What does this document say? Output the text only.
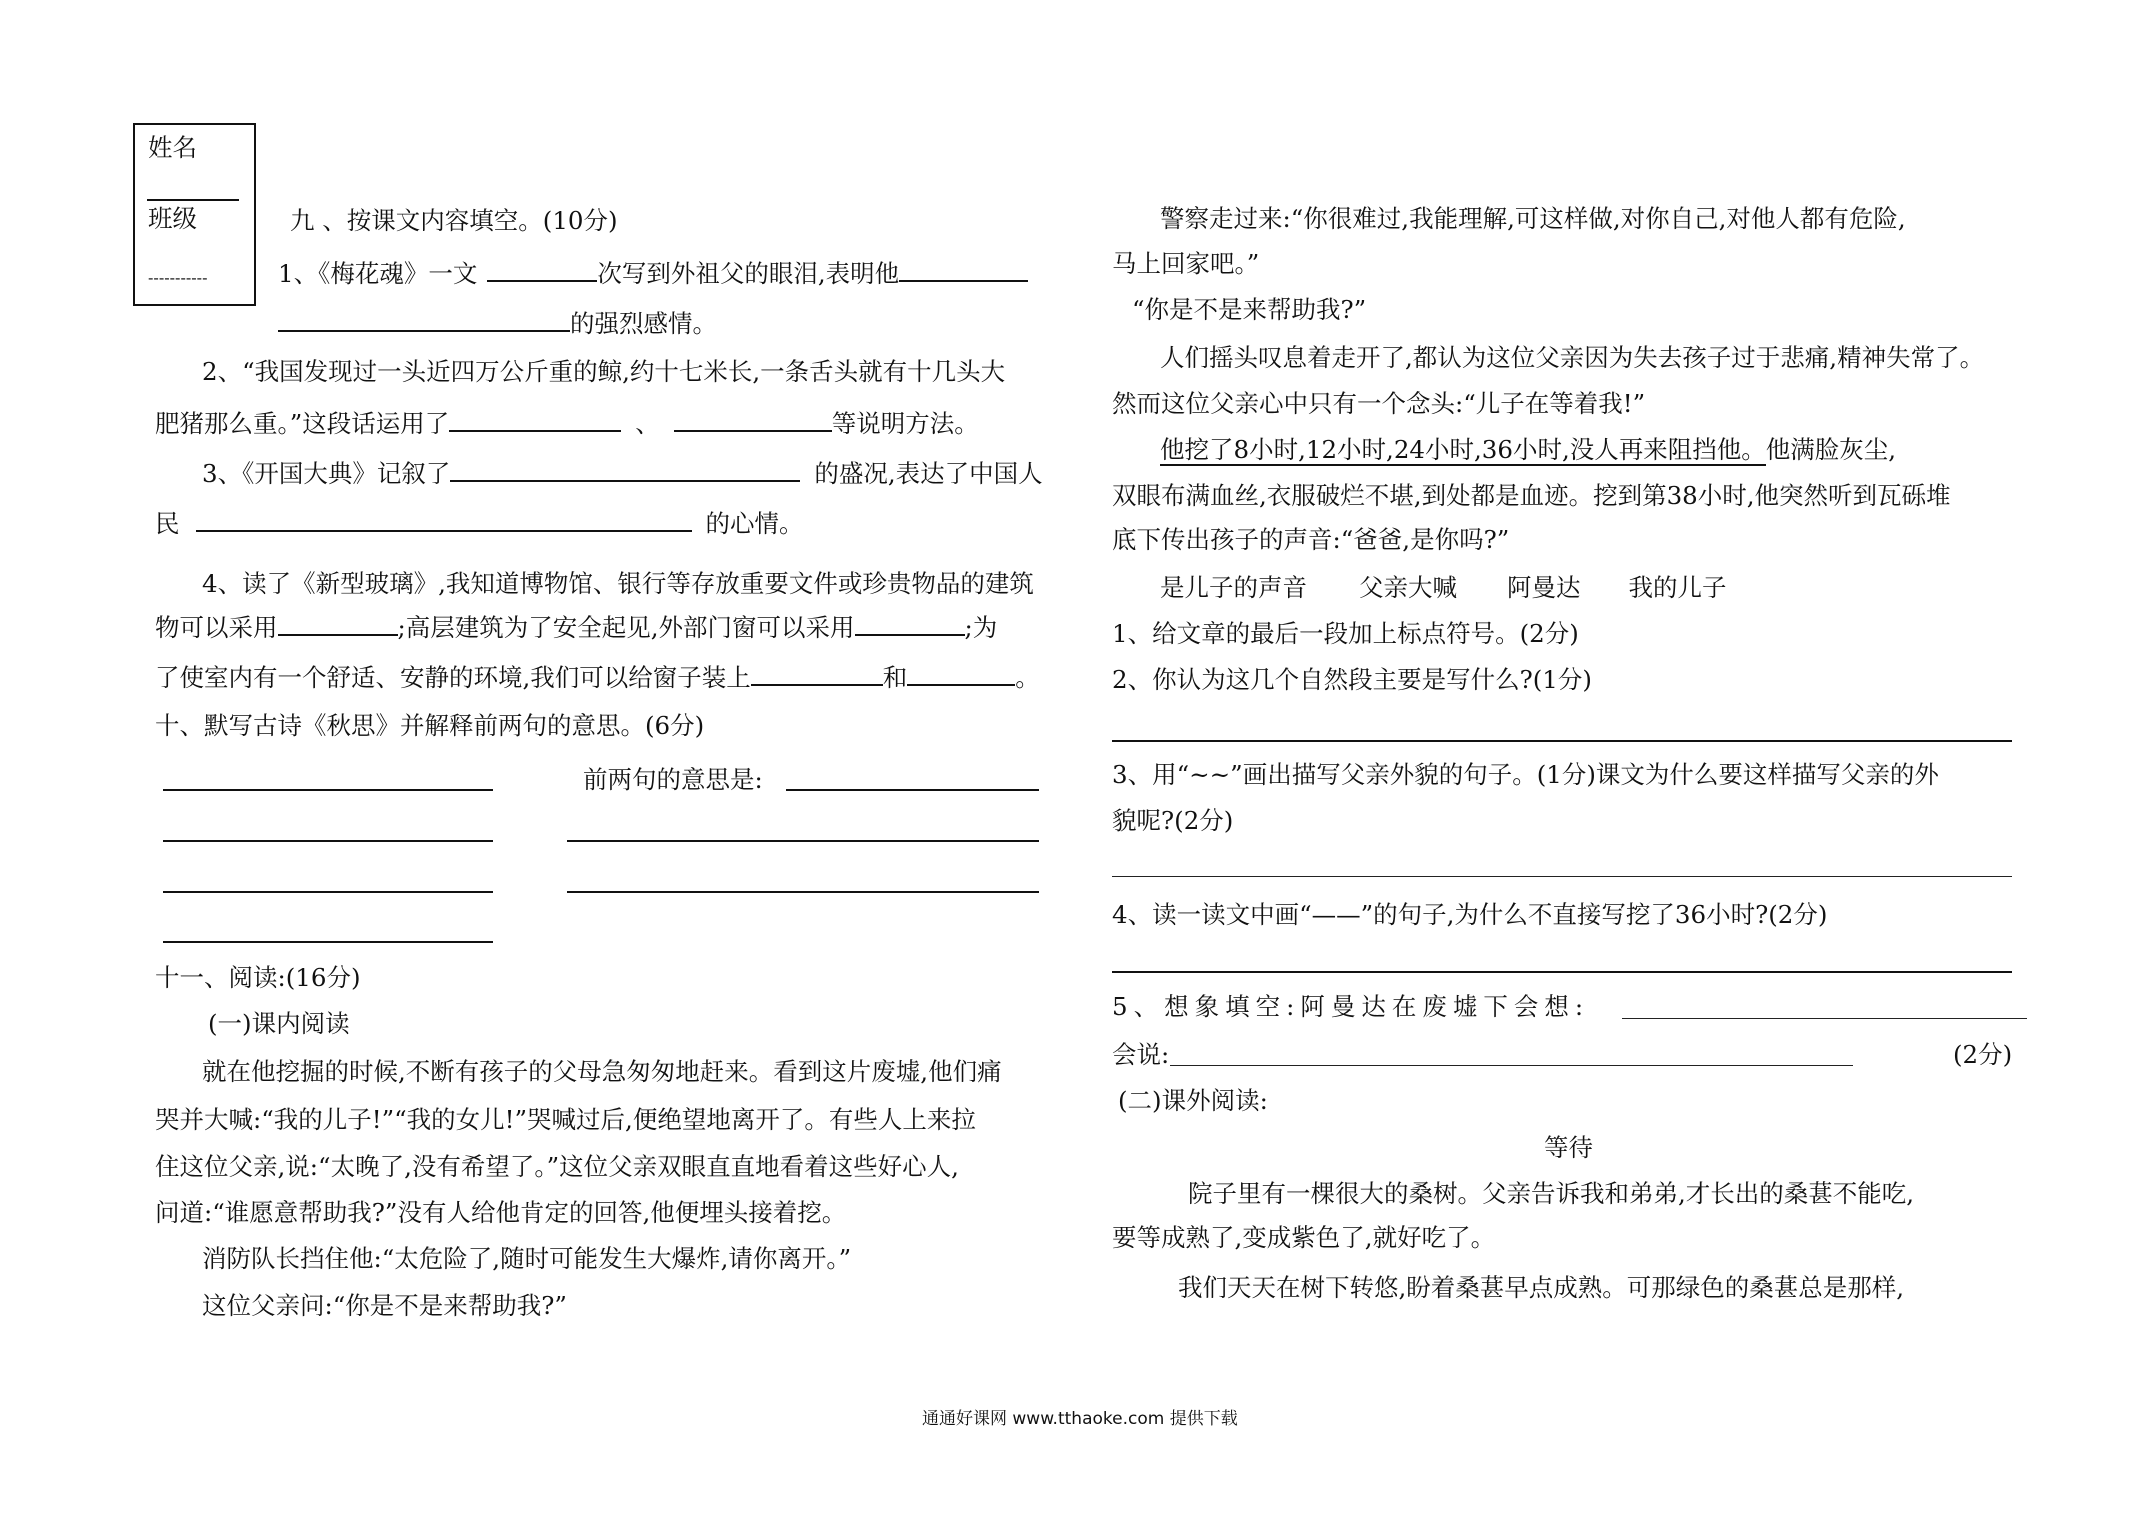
姓名
班级
-----------
九 、按课文内容填空。(10分)
1、《梅花魂》一文	次写到外祖父的眼泪,表明他
的强烈感情。
2、“我国发现过一头近四万公斤重的鲸,约十七米长,一条舌头就有十几头大
肥猪那么重。”这段话运用了	、	等说明方法。
3、《开国大典》记叙了	的盛况,表达了中国人
民	的心情。
4、读了《新型玻璃》,我知道博物馆、银行等存放重要文件或珍贵物品的建筑
物可以采用	;高层建筑为了安全起见,外部门窗可以采用	;为
了使室内有一个舒适、安静的环境,我们可以给窗子装上	和	。
十、默写古诗《秋思》并解释前两句的意思。(6分)
前两句的意思是:
十一、阅读:(16分)
(一)课内阅读
就在他挖掘的时候,不断有孩子的父母急匆匆地赶来。看到这片废墟,他们痛
哭并大喊:“我的儿子!”“我的女儿!”哭喊过后,便绝望地离开了。有些人上来拉
住这位父亲,说:“太晚了,没有希望了。”这位父亲双眼直直地看着这些好心人,
问道:“谁愿意帮助我?”没有人给他肯定的回答,他便埋头接着挖。
消防队长挡住他:“太危险了,随时可能发生大爆炸,请你离开。”
这位父亲问:“你是不是来帮助我?”
警察走过来:“你很难过,我能理解,可这样做,对你自己,对他人都有危险,
马上回家吧。”
“你是不是来帮助我?”
人们摇头叹息着走开了,都认为这位父亲因为失去孩子过于悲痛,精神失常了。
然而这位父亲心中只有一个念头:“儿子在等着我!”
他挖了8小时,12小时,24小时,36小时,没人再来阻挡他。他满脸灰尘,
双眼布满血丝,衣服破烂不堪,到处都是血迹。挖到第38小时,他突然听到瓦砾堆
底下传出孩子的声音:“爸爸,是你吗?”
是儿子的声音 父亲大喊 阿曼达 我的儿子
1、给文章的最后一段加上标点符号。(2分)
2、你认为这几个自然段主要是写什么?(1分)
3、用“~~”画出描写父亲外貌的句子。(1分)课文为什么要这样描写父亲的外
貌呢?(2分)
4、读一读文中画“——”的句子,为什么不直接写挖了36小时?(2分)
5、想象填空:阿曼达在废墟下会想:
会说:	(2分)
(二)课外阅读:
等待
院子里有一棵很大的桑树。父亲告诉我和弟弟,才长出的桑葚不能吃,
要等成熟了,变成紫色了,就好吃了。
我们天天在树下转悠,盼着桑葚早点成熟。可那绿色的桑葚总是那样,
通通好课网 www.tthaoke.com 提供下载
